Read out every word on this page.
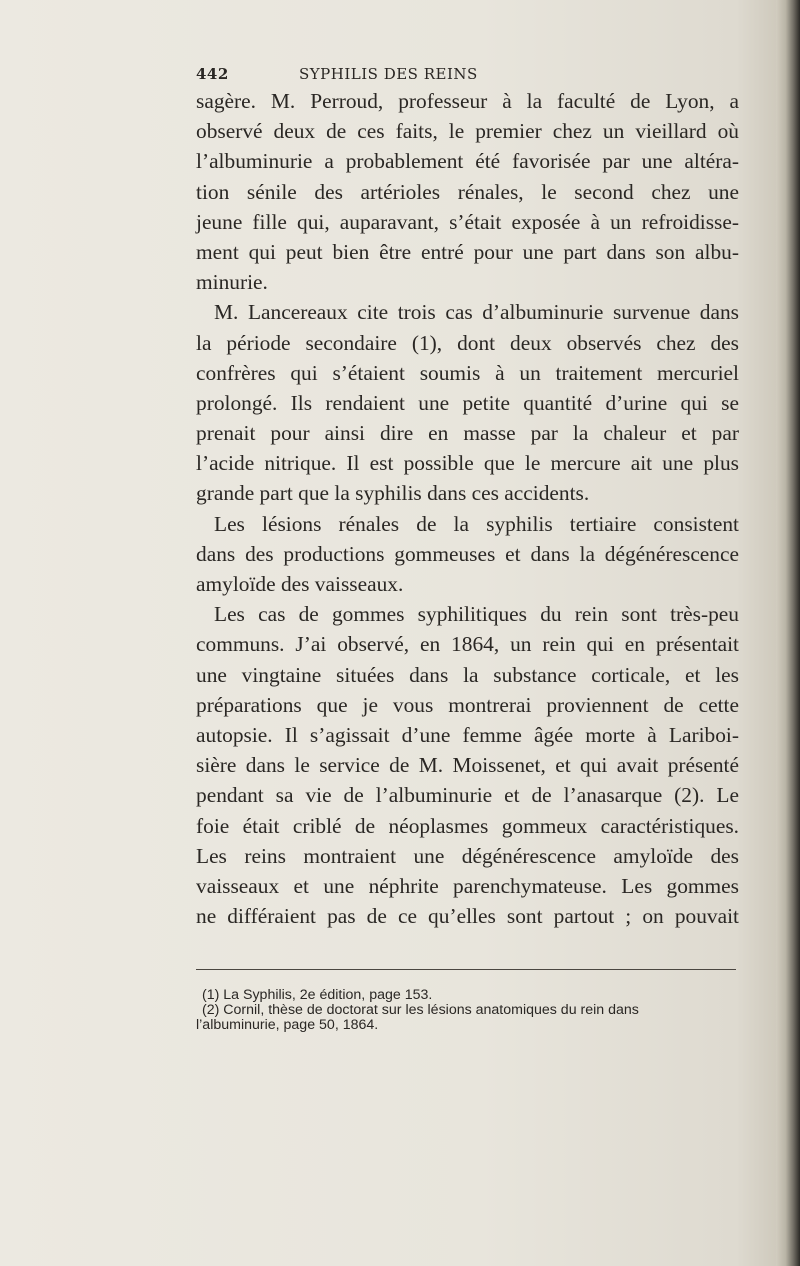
442	SYPHILIS DES REINS
sagère. M. Perroud, professeur à la faculté de Lyon, a
observé deux de ces faits, le premier chez un vieillard où
l’albuminurie a probablement été favorisée par une altéra-
tion sénile des artérioles rénales, le second chez une
jeune fille qui, auparavant, s’était exposée à un refroidisse-
ment qui peut bien être entré pour une part dans son albu-
minurie.
M. Lancereaux cite trois cas d’albuminurie survenue dans
la période secondaire (1), dont deux observés chez des
confrères qui s’étaient soumis à un traitement mercuriel
prolongé. Ils rendaient une petite quantité d’urine qui se
prenait pour ainsi dire en masse par la chaleur et par
l’acide nitrique. Il est possible que le mercure ait une plus
grande part que la syphilis dans ces accidents.
Les lésions rénales de la syphilis tertiaire consistent
dans des productions gommeuses et dans la dégénérescence
amyloïde des vaisseaux.
Les cas de gommes syphilitiques du rein sont très-peu
communs. J’ai observé, en 1864, un rein qui en présentait
une vingtaine situées dans la substance corticale, et les
préparations que je vous montrerai proviennent de cette
autopsie. Il s’agissait d’une femme âgée morte à Lariboi-
sière dans le service de M. Moissenet, et qui avait présenté
pendant sa vie de l’albuminurie et de l’anasarque (2). Le
foie était criblé de néoplasmes gommeux caractéristiques.
Les reins montraient une dégénérescence amyloïde des
vaisseaux et une néphrite parenchymateuse. Les gommes
ne différaient pas de ce qu’elles sont partout ; on pouvait
(1) La Syphilis, 2e édition, page 153.
(2) Cornil, thèse de doctorat sur les lésions anatomiques du rein dans
l’albuminurie, page 50, 1864.
